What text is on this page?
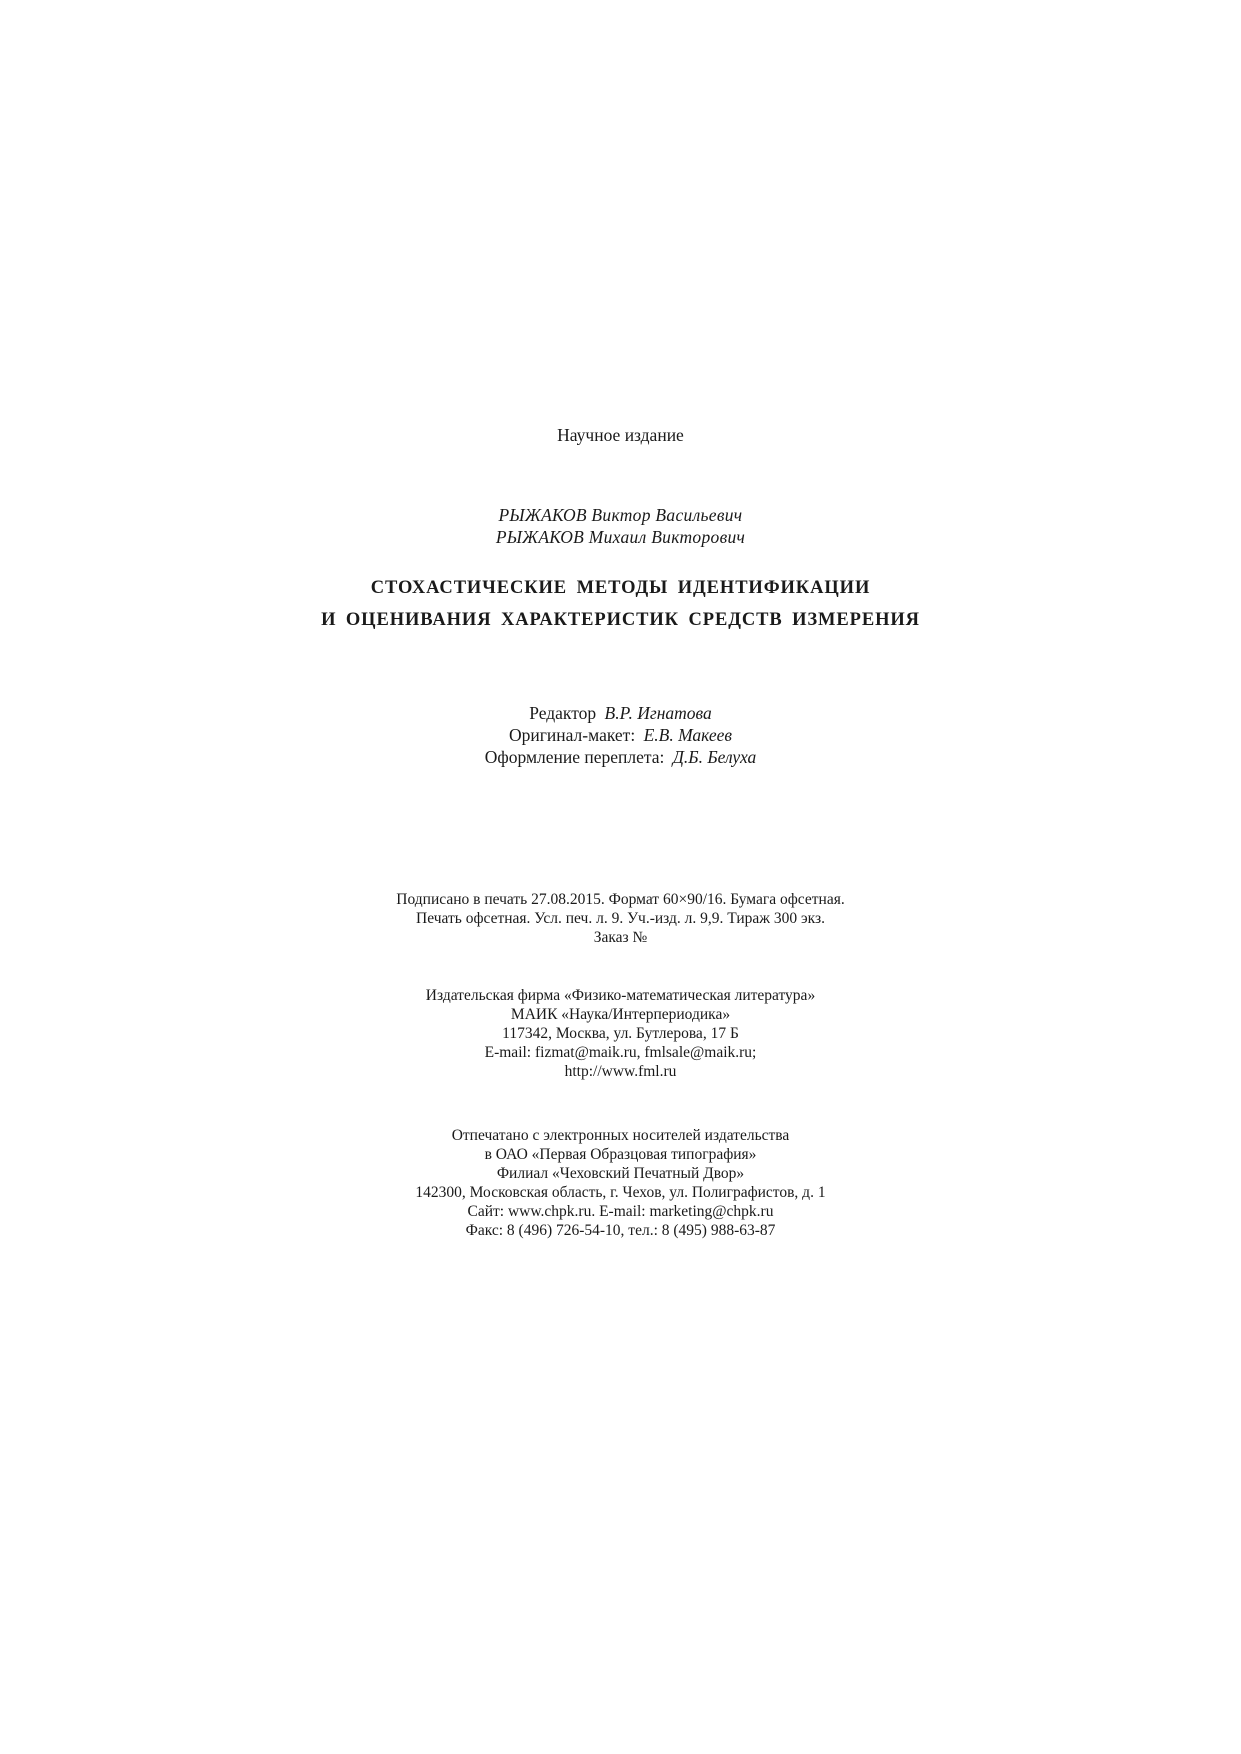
Научное издание
РЫЖАКОВ Виктор Васильевич
РЫЖАКОВ Михаил Викторович
СТОХАСТИЧЕСКИЕ МЕТОДЫ ИДЕНТИФИКАЦИИ
И ОЦЕНИВАНИЯ ХАРАКТЕРИСТИК СРЕДСТВ ИЗМЕРЕНИЯ
Редактор В.Р. Игнатова
Оригинал-макет: Е.В. Макеев
Оформление переплета: Д.Б. Белуха
Подписано в печать 27.08.2015. Формат 60×90/16. Бумага офсетная.
Печать офсетная. Усл. печ. л. 9. Уч.-изд. л. 9,9. Тираж 300 экз.
Заказ №
Издательская фирма «Физико-математическая литература»
МАИК «Наука/Интерпериодика»
117342, Москва, ул. Бутлерова, 17 Б
E-mail: fizmat@maik.ru, fmlsale@maik.ru;
http://www.fml.ru
Отпечатано с электронных носителей издательства
в ОАО «Первая Образцовая типография»
Филиал «Чеховский Печатный Двор»
142300, Московская область, г. Чехов, ул. Полиграфистов, д. 1
Сайт: www.chpk.ru. E-mail: marketing@chpk.ru
Факс: 8 (496) 726-54-10, тел.: 8 (495) 988-63-87
